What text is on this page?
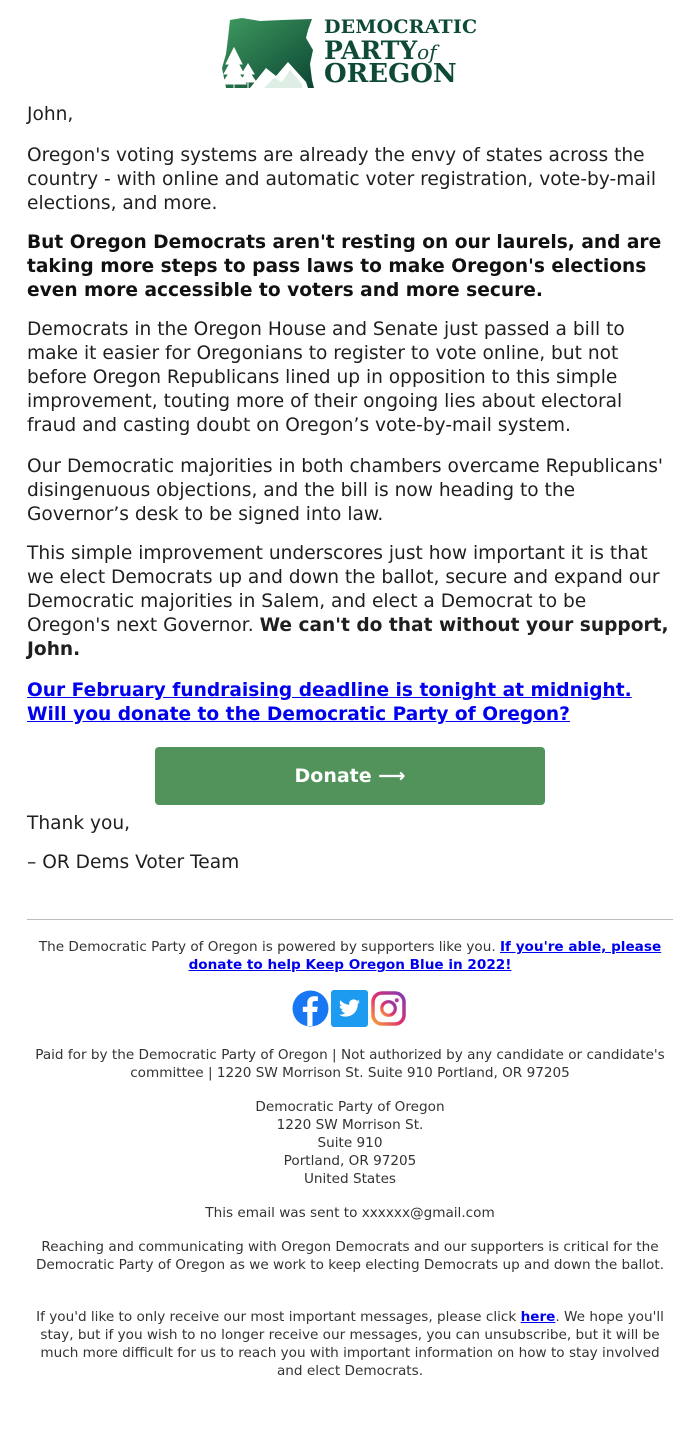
DEMOCRATIC
PARTYof
OREGON

John,

Oregon's voting systems are already the envy of states across the country - with online and automatic voter registration, vote-by-mail elections, and more.

But Oregon Democrats aren't resting on our laurels, and are taking more steps to pass laws to make Oregon's elections even more accessible to voters and more secure.

Democrats in the Oregon House and Senate just passed a bill to make it easier for Oregonians to register to vote online, but not before Oregon Republicans lined up in opposition to this simple improvement, touting more of their ongoing lies about electoral fraud and casting doubt on Oregon’s vote-by-mail system.

Our Democratic majorities in both chambers overcame Republicans' disingenuous objections, and the bill is now heading to the Governor’s desk to be signed into law.

This simple improvement underscores just how important it is that we elect Democrats up and down the ballot, secure and expand our Democratic majorities in Salem, and elect a Democrat to be Oregon's next Governor. We can't do that without your support, John.

Our February fundraising deadline is tonight at midnight.
Will you donate to the Democratic Party of Oregon?

Donate ⟶

Thank you,

– OR Dems Voter Team

The Democratic Party of Oregon is powered by supporters like you. If you're able, please donate to help Keep Oregon Blue in 2022!
Paid for by the Democratic Party of Oregon | Not authorized by any candidate or candidate's committee | 1220 SW Morrison St. Suite 910 Portland, OR 97205
Democratic Party of Oregon
1220 SW Morrison St.
Suite 910
Portland, OR 97205
United States
This email was sent to xxxxxx@gmail.com
Reaching and communicating with Oregon Democrats and our supporters is critical for the Democratic Party of Oregon as we work to keep electing Democrats up and down the ballot.
If you'd like to only receive our most important messages, please click here. We hope you'll stay, but if you wish to no longer receive our messages, you can unsubscribe, but it will be much more difficult for us to reach you with important information on how to stay involved and elect Democrats.
